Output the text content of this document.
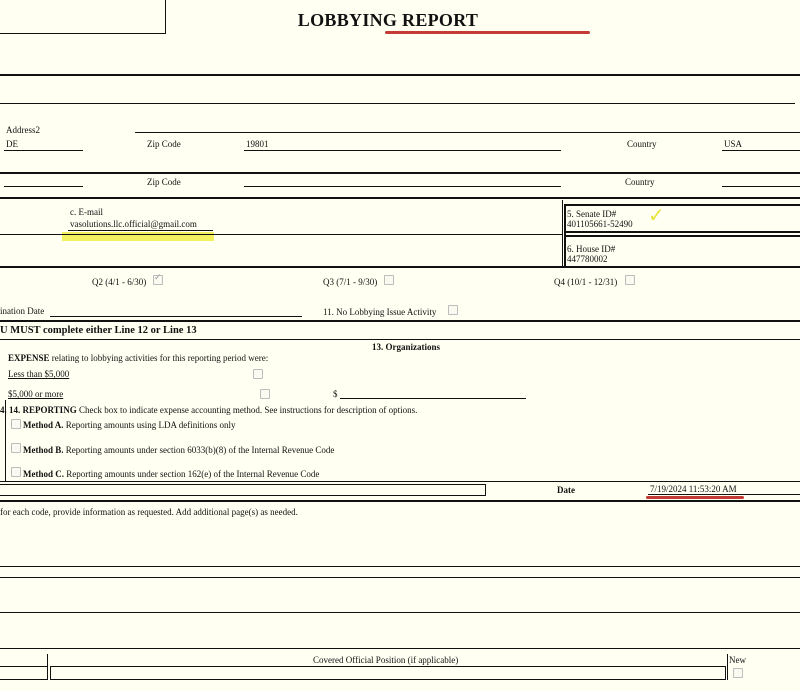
LOBBYING REPORT
Address2
DE	Zip Code	19801	Country	USA
Zip Code	Country
c. E-mail
vasolutions.llc.official@gmail.com
5. Senate ID#
401105661-52490 ✓
6. House ID#
447780002
Q2 (4/1 - 6/30)
✓	Q3 (7/1 - 9/30)	Q4 (10/1 - 12/31)
ination Date	11. No Lobbying Issue Activity
U MUST complete either Line 12 or Line 13
13. Organizations
EXPENSE relating to lobbying activities for this reporting period were:
Less than $5,000
$5,000 or more	$
4. 14. REPORTING Check box to indicate expense accounting method. See instructions for description of options.
Method A. Reporting amounts using LDA definitions only
Method B. Reporting amounts under section 6033(b)(8) of the Internal Revenue Code
Method C. Reporting amounts under section 162(e) of the Internal Revenue Code
Date	7/19/2024 11:53:20 AM
for each code, provide information as requested. Add additional page(s) as needed.
Covered Official Position (if applicable)	New
